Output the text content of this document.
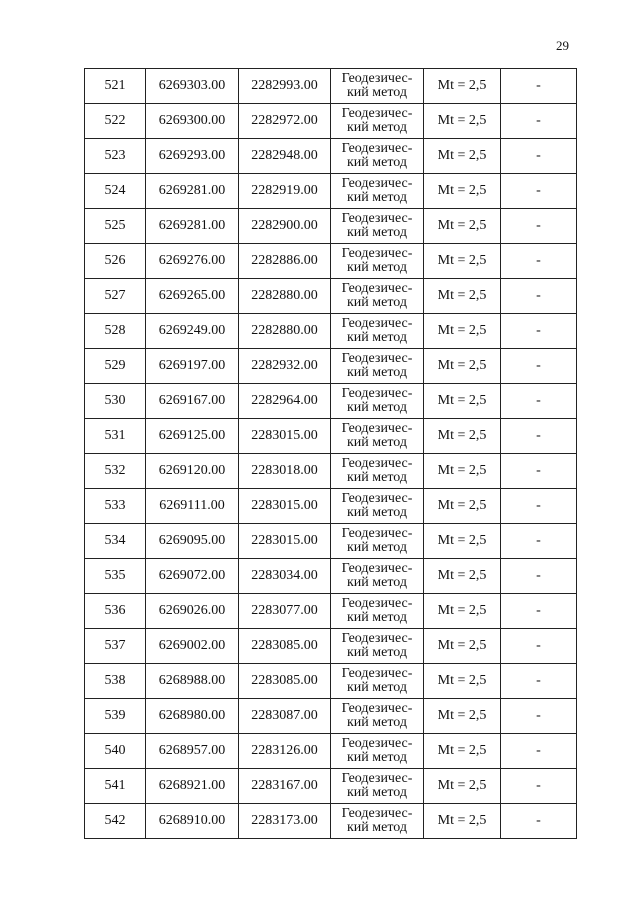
29
521	6269303.00	2282993.00	Геодезичес-
кий метод	Mt = 2,5	-
522	6269300.00	2282972.00	Геодезичес-
кий метод	Mt = 2,5	-
523	6269293.00	2282948.00	Геодезичес-
кий метод	Mt = 2,5	-
524	6269281.00	2282919.00	Геодезичес-
кий метод	Mt = 2,5	-
525	6269281.00	2282900.00	Геодезичес-
кий метод	Mt = 2,5	-
526	6269276.00	2282886.00	Геодезичес-
кий метод	Mt = 2,5	-
527	6269265.00	2282880.00	Геодезичес-
кий метод	Mt = 2,5	-
528	6269249.00	2282880.00	Геодезичес-
кий метод	Mt = 2,5	-
529	6269197.00	2282932.00	Геодезичес-
кий метод	Mt = 2,5	-
530	6269167.00	2282964.00	Геодезичес-
кий метод	Mt = 2,5	-
531	6269125.00	2283015.00	Геодезичес-
кий метод	Mt = 2,5	-
532	6269120.00	2283018.00	Геодезичес-
кий метод	Mt = 2,5	-
533	6269111.00	2283015.00	Геодезичес-
кий метод	Mt = 2,5	-
534	6269095.00	2283015.00	Геодезичес-
кий метод	Mt = 2,5	-
535	6269072.00	2283034.00	Геодезичес-
кий метод	Mt = 2,5	-
536	6269026.00	2283077.00	Геодезичес-
кий метод	Mt = 2,5	-
537	6269002.00	2283085.00	Геодезичес-
кий метод	Mt = 2,5	-
538	6268988.00	2283085.00	Геодезичес-
кий метод	Mt = 2,5	-
539	6268980.00	2283087.00	Геодезичес-
кий метод	Mt = 2,5	-
540	6268957.00	2283126.00	Геодезичес-
кий метод	Mt = 2,5	-
541	6268921.00	2283167.00	Геодезичес-
кий метод	Mt = 2,5	-
542	6268910.00	2283173.00	Геодезичес-
кий метод	Mt = 2,5	-
